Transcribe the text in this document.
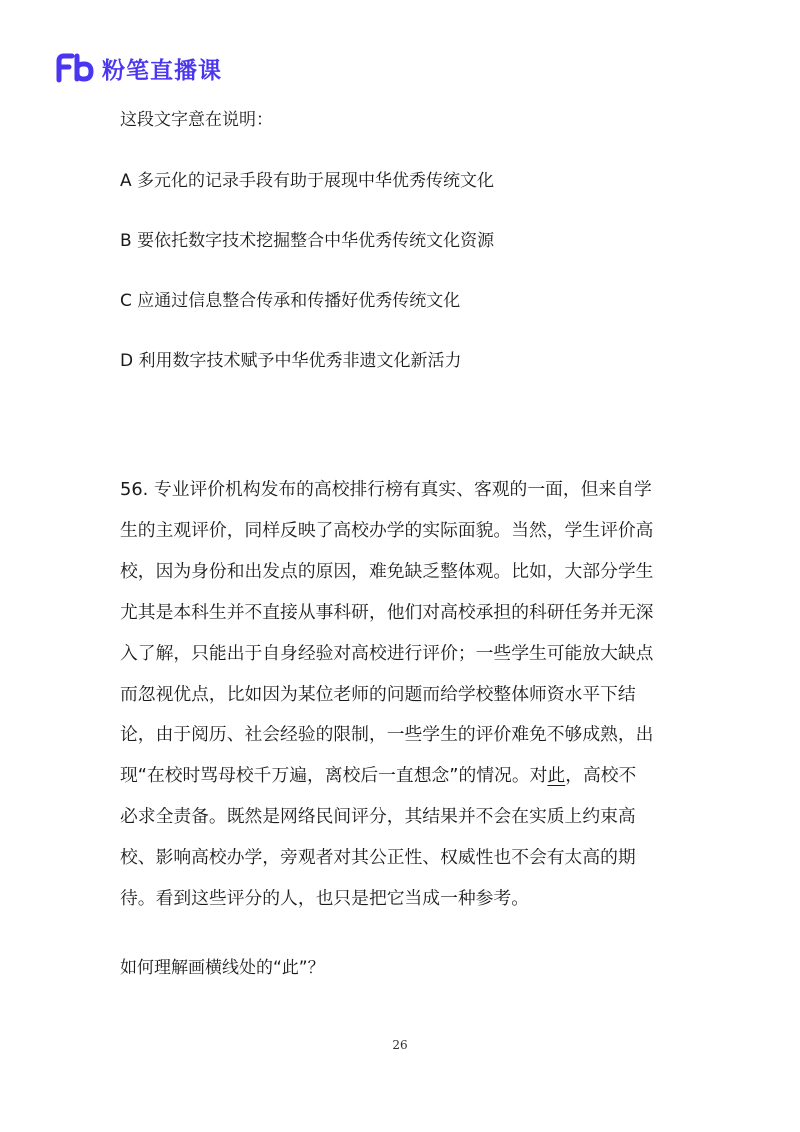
粉笔直播课

这段文字意在说明：

A 多元化的记录手段有助于展现中华优秀传统文化

B 要依托数字技术挖掘整合中华优秀传统文化资源

C 应通过信息整合传承和传播好优秀传统文化

D 利用数字技术赋予中华优秀非遗文化新活力

56. 专业评价机构发布的高校排行榜有真实、客观的一面，但来自学
生的主观评价，同样反映了高校办学的实际面貌。当然，学生评价高
校，因为身份和出发点的原因，难免缺乏整体观。比如，大部分学生
尤其是本科生并不直接从事科研，他们对高校承担的科研任务并无深
入了解，只能出于自身经验对高校进行评价；一些学生可能放大缺点
而忽视优点，比如因为某位老师的问题而给学校整体师资水平下结
论，由于阅历、社会经验的限制，一些学生的评价难免不够成熟，出
现“在校时骂母校千万遍，离校后一直想念”的情况。对此，高校不
必求全责备。既然是网络民间评分，其结果并不会在实质上约束高
校、影响高校办学，旁观者对其公正性、权威性也不会有太高的期
待。看到这些评分的人，也只是把它当成一种参考。

如何理解画横线处的“此”？

26
